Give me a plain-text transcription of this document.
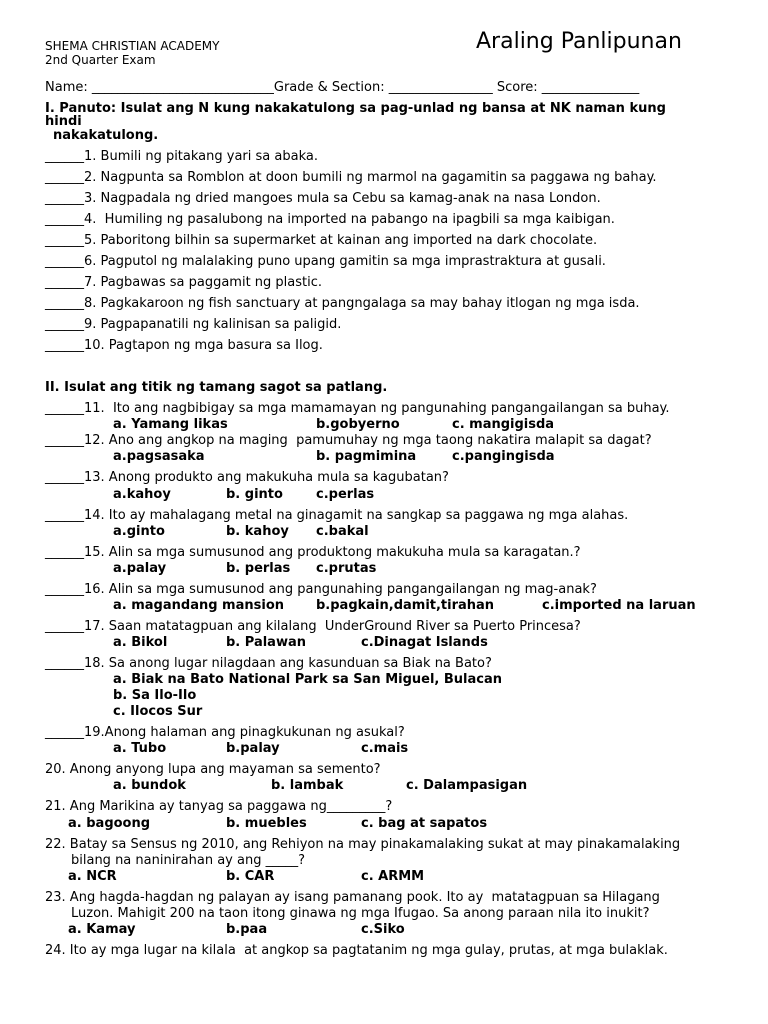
SHEMA CHRISTIAN ACADEMY
2nd Quarter Exam
Araling Panlipunan
Name: ____________________________Grade & Section: ________________ Score: _______________
I. Panuto: Isulat ang N kung nakakatulong sa pag-unlad ng bansa at NK naman kung
hindi
nakakatulong.
______1. Bumili ng pitakang yari sa abaka.
______2. Nagpunta sa Romblon at doon bumili ng marmol na gagamitin sa paggawa ng bahay.
______3. Nagpadala ng dried mangoes mula sa Cebu sa kamag-anak na nasa London.
______4.  Humiling ng pasalubong na imported na pabango na ipagbili sa mga kaibigan.
______5. Paboritong bilhin sa supermarket at kainan ang imported na dark chocolate.
______6. Pagputol ng malalaking puno upang gamitin sa mga imprastraktura at gusali.
______7. Pagbawas sa paggamit ng plastic.
______8. Pagkakaroon ng fish sanctuary at pangngalaga sa may bahay itlogan ng mga isda.
______9. Pagpapanatili ng kalinisan sa paligid.
______10. Pagtapon ng mga basura sa Ilog.
II. Isulat ang titik ng tamang sagot sa patlang.
______11.  Ito ang nagbibigay sa mga mamamayan ng pangunahing pangangailangan sa buhay.
a. Yamang likas	b.gobyerno	c. mangigisda
______12. Ano ang angkop na maging  pamumuhay ng mga taong nakatira malapit sa dagat?
a.pagsasaka	b. pagmimina	c.pangingisda
______13. Anong produkto ang makukuha mula sa kagubatan?
a.kahoy	b. ginto	c.perlas
______14. Ito ay mahalagang metal na ginagamit na sangkap sa paggawa ng mga alahas.
a.ginto	b. kahoy c.bakal
______15. Alin sa mga sumusunod ang produktong makukuha mula sa karagatan.?
a.palay	b. perlas c.prutas
______16. Alin sa mga sumusunod ang pangunahing pangangailangan ng mag-anak?
a. magandang mansion b.pagkain,damit,tirahan	c.imported na laruan
______17. Saan matatagpuan ang kilalang  UnderGround River sa Puerto Princesa?
a. Bikol	b. Palawan	c.Dinagat Islands
______18. Sa anong lugar nilagdaan ang kasunduan sa Biak na Bato?
a. Biak na Bato National Park sa San Miguel, Bulacan
b. Sa Ilo-Ilo
c. Ilocos Sur
______19.Anong halaman ang pinagkukunan ng asukal?
a. Tubo	b.palay	c.mais
20. Anong anyong lupa ang mayaman sa semento?
a. bundok	b. lambak	c. Dalampasigan
21. Ang Marikina ay tanyag sa paggawa ng_________?
a. bagoong	b. muebles	c. bag at sapatos
22. Batay sa Sensus ng 2010, ang Rehiyon na may pinakamalaking sukat at may pinakamalaking
bilang na naninirahan ay ang _____?
a. NCR	b. CAR	c. ARMM
23. Ang hagda-hagdan ng palayan ay isang pamanang pook. Ito ay  matatagpuan sa Hilagang
Luzon. Mahigit 200 na taon itong ginawa ng mga Ifugao. Sa anong paraan nila ito inukit?
a. Kamay	b.paa	c.Siko
24. Ito ay mga lugar na kilala  at angkop sa pagtatanim ng mga gulay, prutas, at mga bulaklak.
